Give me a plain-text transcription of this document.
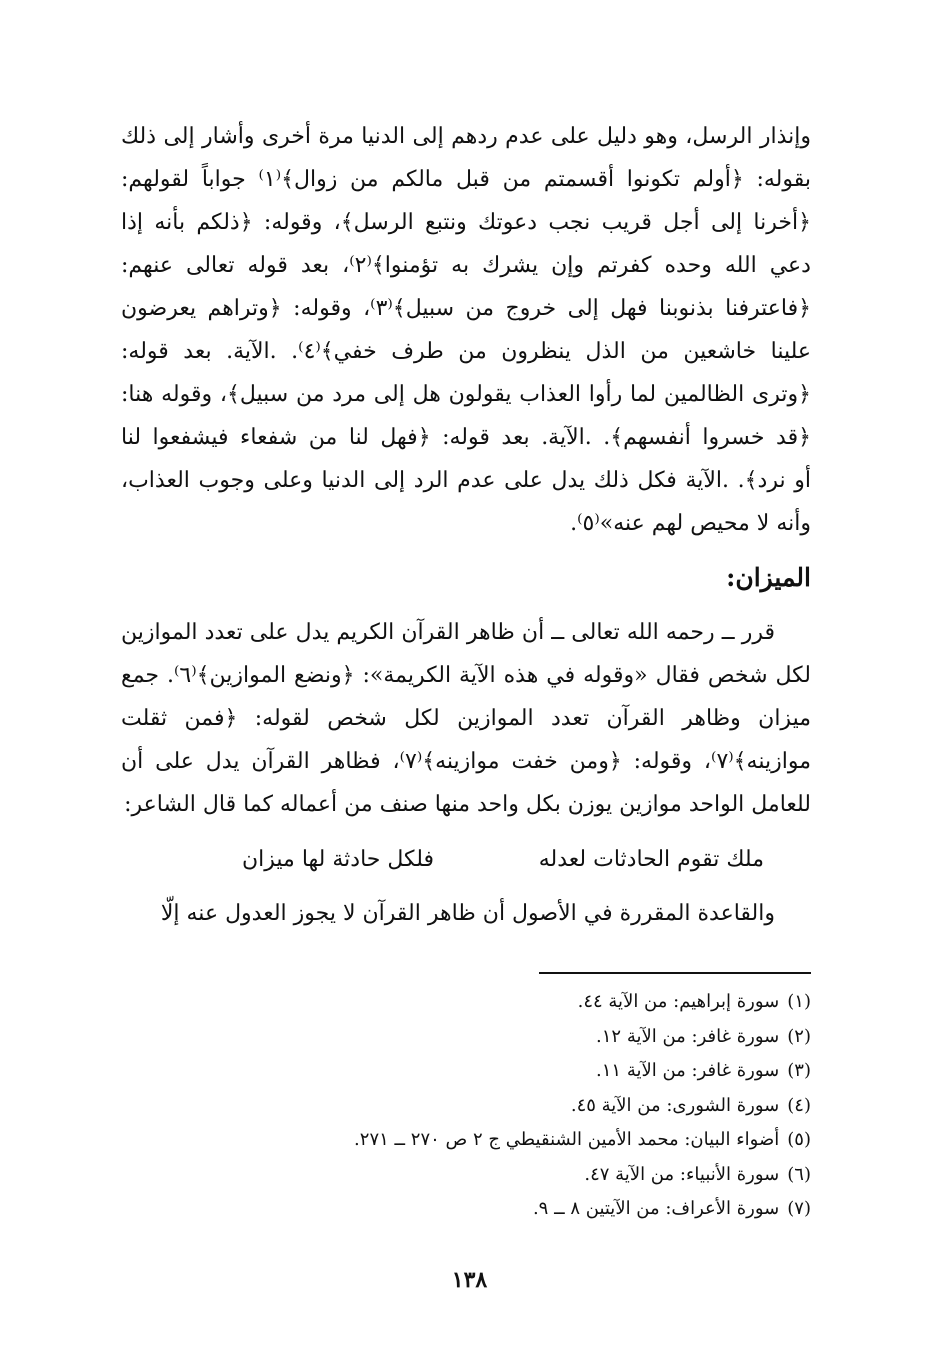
وإنذار الرسل، وهو دليل على عدم ردهم إلى الدنيا مرة أخرى وأشار إلى ذلك
بقوله: ﴿أولم تكونوا أقسمتم من قبل مالكم من زوال﴾⁽١⁾ جواباً لقولهم:
﴿أخرنا إلى أجل قريب نجب دعوتك ونتبع الرسل﴾، وقوله: ﴿ذلكم بأنه إذا
دعي الله وحده كفرتم وإن يشرك به تؤمنوا﴾⁽٢⁾، بعد قوله تعالى عنهم:
﴿فاعترفنا بذنوبنا فهل إلى خروج من سبيل﴾⁽٣⁾، وقوله: ﴿وتراهم يعرضون
علينا خاشعين من الذل ينظرون من طرف خفي﴾⁽٤⁾. .الآية. بعد قوله:
﴿وترى الظالمين لما رأوا العذاب يقولون هل إلى مرد من سبيل﴾، وقوله هنا:
﴿قد خسروا أنفسهم﴾. .الآية. بعد قوله: ﴿فهل لنا من شفعاء فيشفعوا لنا
أو نرد﴾. .الآية فكل ذلك يدل على عدم الرد إلى الدنيا وعلى وجوب العذاب،
وأنه لا محيص لهم عنه»⁽٥⁾.
الميزان:
قرر ــ رحمه الله تعالى ــ أن ظاهر القرآن الكريم يدل على تعدد الموازين
لكل شخص فقال «وقوله في هذه الآية الكريمة»: ﴿ونضع الموازين﴾⁽٦⁾. جمع
ميزان وظاهر القرآن تعدد الموازين لكل شخص لقوله: ﴿فمن ثقلت
موازينه﴾⁽٧⁾، وقوله: ﴿ومن خفت موازينه﴾⁽٧⁾، فظاهر القرآن يدل على أن
للعامل الواحد موازين يوزن بكل واحد منها صنف من أعماله كما قال الشاعر:
ملك تقوم الحادثات لعدله
فلكل حادثة لها ميزان
والقاعدة المقررة في الأصول أن ظاهر القرآن لا يجوز العدول عنه إلّا
(١)سورة إبراهيم: من الآية ٤٤.
(٢)سورة غافر: من الآية ١٢.
(٣)سورة غافر: من الآية ١١.
(٤)سورة الشورى: من الآية ٤٥.
(٥)أضواء البيان: محمد الأمين الشنقيطي ج ٢ ص ٢٧٠ ــ ٢٧١.
(٦)سورة الأنبياء: من الآية ٤٧.
(٧)سورة الأعراف: من الآيتين ٨ ــ ٩.
١٣٨
